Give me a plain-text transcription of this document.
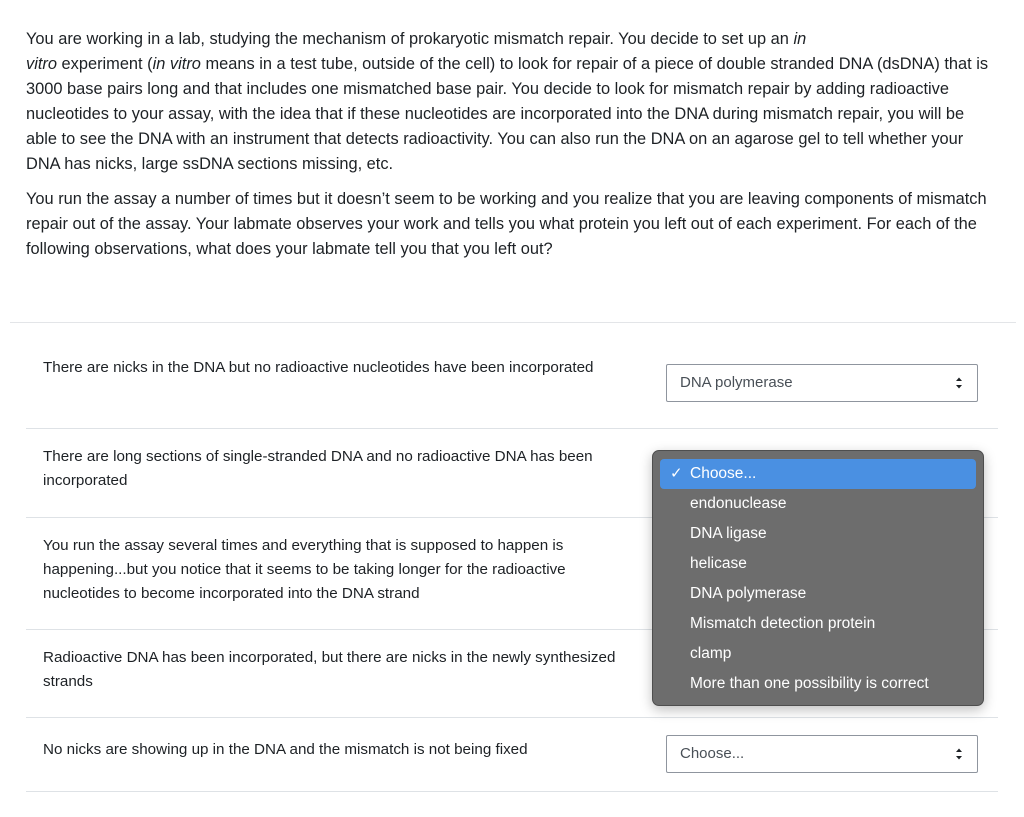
You are working in a lab, studying the mechanism of prokaryotic mismatch repair. You decide to set up an in
vitro experiment (in vitro means in a test tube, outside of the cell) to look for repair of a piece of double stranded DNA (dsDNA) that is 3000 base pairs long and that includes one mismatched base pair. You decide to look for mismatch repair by adding radioactive nucleotides to your assay, with the idea that if these nucleotides are incorporated into the DNA during mismatch repair, you will be able to see the DNA with an instrument that detects radioactivity. You can also run the DNA on an agarose gel to tell whether your DNA has nicks, large ssDNA sections missing, etc.

You run the assay a number of times but it doesn’t seem to be working and you realize that you are leaving components of mismatch repair out of the assay. Your labmate observes your work and tells you what protein you left out of each experiment. For each of the following observations, what does your labmate tell you that you left out?

There are nicks in the DNA but no radioactive nucleotides have been incorporated
DNA polymerase
There are long sections of single-stranded DNA and no radioactive DNA has been incorporated
You run the assay several times and everything that is supposed to happen is happening...but you notice that it seems to be taking longer for the radioactive nucleotides to become incorporated into the DNA strand
Radioactive DNA has been incorporated, but there are nicks in the newly synthesized strands
No nicks are showing up in the DNA and the mismatch is not being fixed	Choose...
✓ Choose...
endonuclease
DNA ligase
helicase
DNA polymerase
Mismatch detection protein
clamp
More than one possibility is correct
